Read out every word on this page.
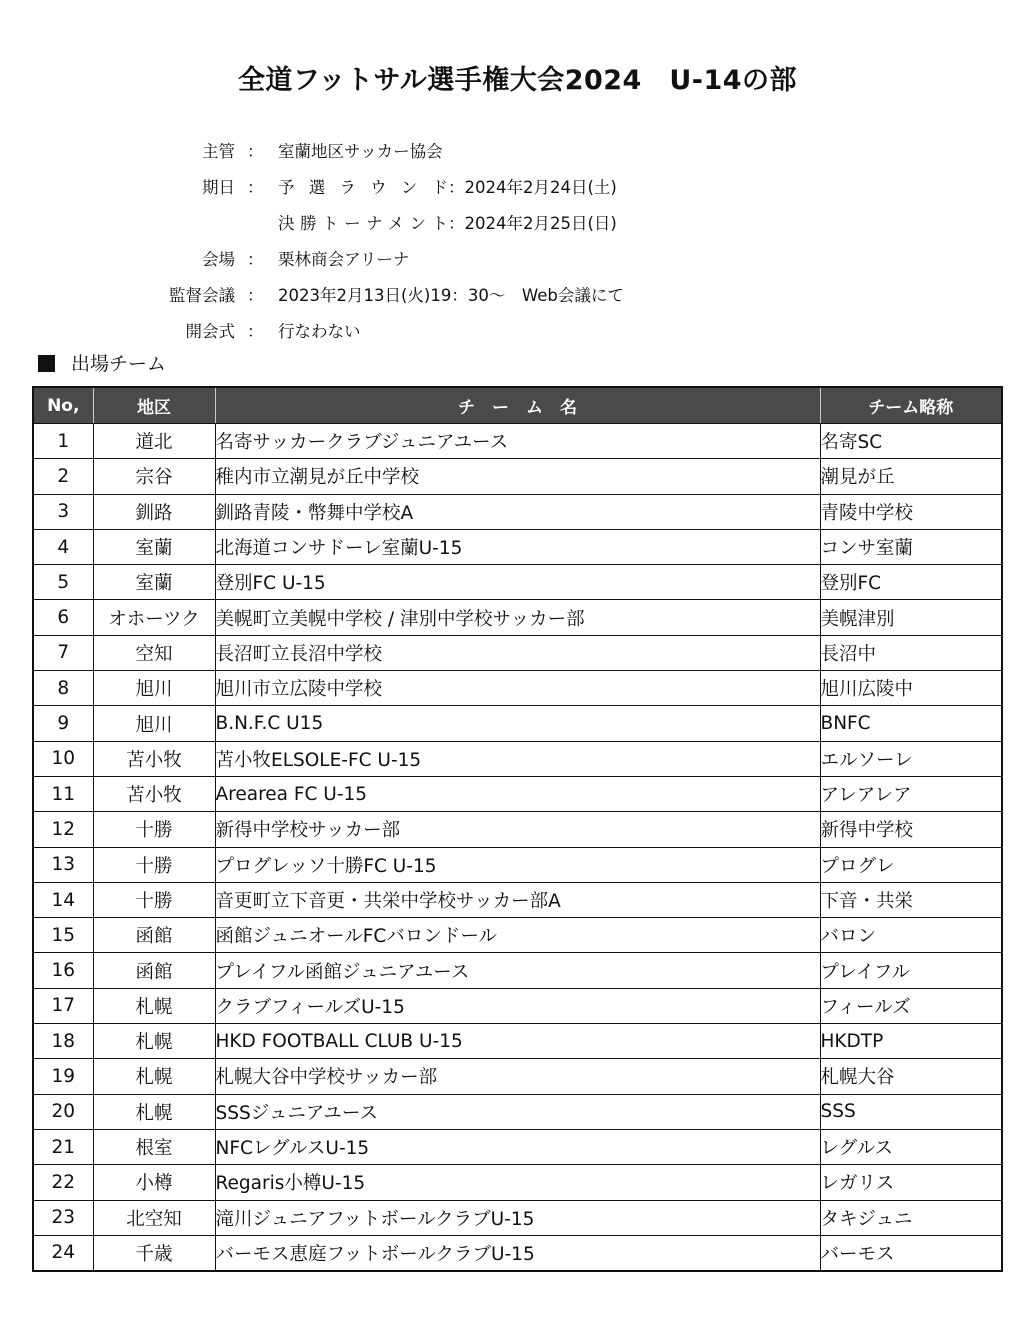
全道フットサル選手権大会2024　U-14の部
主管 ： 室蘭地区サッカー協会
期日 ： 予選ラウンド：2024年2月24日(土)
決勝トーナメント：2024年2月25日(日)
会場 ： 栗林商会アリーナ
監督会議 ： 2023年2月13日(火)19：30～　Web会議にて
開会式 ： 行なわない
出場チーム
No,	地区	チ　ー　ム　名	チーム略称
1	道北	名寄サッカークラブジュニアユース	名寄SC
2	宗谷	稚内市立潮見が丘中学校	潮見が丘
3	釧路	釧路青陵・幣舞中学校A	青陵中学校
4	室蘭	北海道コンサドーレ室蘭U-15	コンサ室蘭
5	室蘭	登別FC U-15	登別FC
6	オホーツク	美幌町立美幌中学校 / 津別中学校サッカー部	美幌津別
7	空知	長沼町立長沼中学校	長沼中
8	旭川	旭川市立広陵中学校	旭川広陵中
9	旭川	B.N.F.C U15	BNFC
10	苫小牧	苫小牧ELSOLE-FC U-15	エルソーレ
11	苫小牧	Arearea FC U-15	アレアレア
12	十勝	新得中学校サッカー部	新得中学校
13	十勝	プログレッソ十勝FC U-15	プログレ
14	十勝	音更町立下音更・共栄中学校サッカー部A	下音・共栄
15	函館	函館ジュニオールFCバロンドール	バロン
16	函館	プレイフル函館ジュニアユース	プレイフル
17	札幌	クラブフィールズU-15	フィールズ
18	札幌	HKD FOOTBALL CLUB U-15	HKDTP
19	札幌	札幌大谷中学校サッカー部	札幌大谷
20	札幌	SSSジュニアユース	SSS
21	根室	NFCレグルスU-15	レグルス
22	小樽	Regaris小樽U-15	レガリス
23	北空知	滝川ジュニアフットボールクラブU-15	タキジュニ
24	千歳	バーモス恵庭フットボールクラブU-15	バーモス
